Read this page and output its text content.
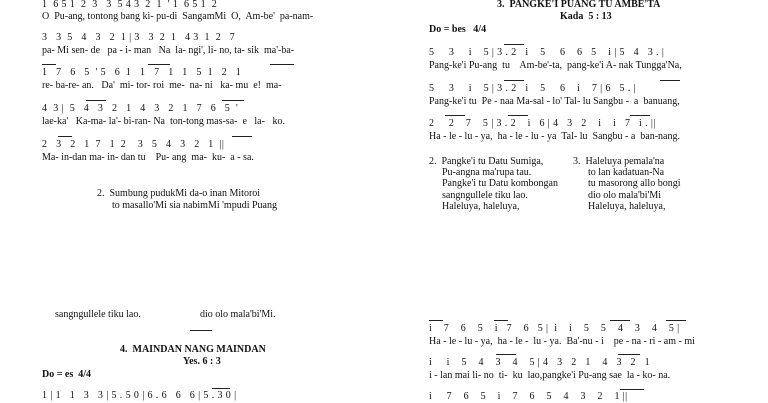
1  6 5 1  2  3   3  5 4 3  2  1  ' 1  6 5 1  2
O  Pu-ang, tontong bang ki- pu-di  SangamMi  O,  Am-be'  pa-nam-
3   3  5   4   3   2  1 | 3   3  2  1   4 3  1  2   7
pa- Mi sen- de   pa - i- man   Na  la- ngi', li- no, ta- sik  ma'-ba-
1   7   6   5  ' 5   6  1   1   7   1   1   5  1   2   1
re- ba-re- an.   Da'  mi- tor- roi  me-  na- ni   ka- mu  e!  ma-
4  3 |  5   4   3   2   1   4   3   2   1   7   6   5  '
lae-ka'   Ka-ma- la'- bi-ran- Na  ton-tong mas-sa-  e   la-   ko.
2   3   2   1  7   1  2    3   5   4   3   2   1  ||
Ma- in-dan ma- in- dan tu    Pu- ang  ma-  ku-  a - sa.
2.  Sumbung pudukMi da-o inan Mitoroi
to masallo'Mi sia nabimMi 'mpudi Puang
sangngullele tiku lao.	dio olo mala'bi'Mi.
4.  MAINDAN NANG MAINDAN
Yes. 6 : 3
Do = es  4/4
1 | 1   1   3   3 | 5 . 5 0 | 6 . 6   6   6 | 5 . 3 0 |
3.  PANGKE'I PUANG TU AMBE'TA
Kada  5 : 13
Do = bes   4/4
5     3     i    5 | 3 . 2   i    5     6    6   5    i | 5   4   3 . |
Pang-ke'i Pu-ang  tu    Am-be'-ta,  pang-ke'i A- nak Tungga'Na,
5     3     i    5 | 3 . 2   i    5     6    i    7 | 6   5 . |
Pang-ke'i tu  Pe - naa Ma-sal - lo' Tal- lu Sangbu -  a  banuang,
2     2    7    5 | 3 . 2    i   6 | 4   3   2    i    i   7   i . ||
Ha - le - lu - ya,  ha - le - lu - ya  Tal- lu  Sangbu - a  ban-nang.
2.  Pangke'i tu Datu Sumiga,
Pu-angna ma'rupa tau.
Pangke'i tu Datu kombongan
sangngullele tiku lao.
Haleluya, haleluya,
3.  Haleluya pemala'na
to lan kadatuan-Na
tu masorong allo bongi
dio olo mala'bi'Mi
Haleluya, haleluya,
i    7    6    5    i   7    6   5 |  i    i    5    5    4    3    4    5 |
Ha - le - lu - ya,  ha - le -  lu - ya.  Ba'-nu - i    pe - na - ri - am - mi
i     i    5    4    3    4    5 | 4   3   2   1    4   3   2   1
i - lan mai li- no  ti-  ku  lao,pangke'i Pu-ang sae  la - ko- na.
i     7    6    5    i    7    6    5    4    3    2    1 ||
